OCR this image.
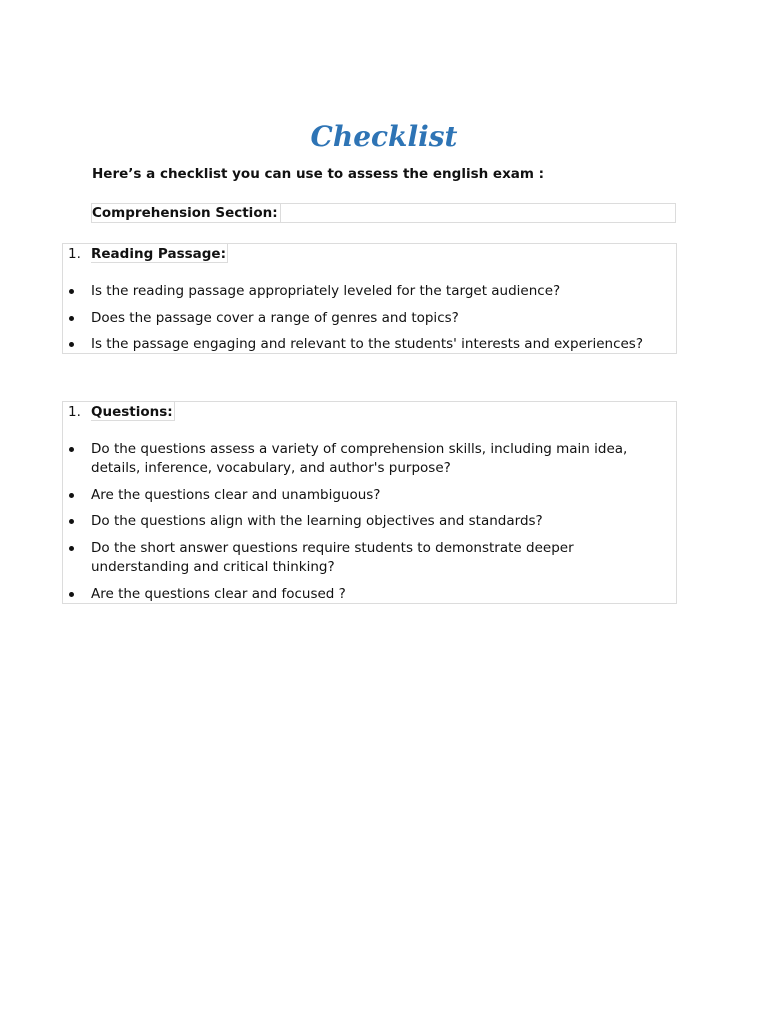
Checklist

Here’s a checklist you can use to assess the english exam :

Comprehension Section:
1. Reading Passage:
Is the reading passage appropriately leveled for the target audience?
Does the passage cover a range of genres and topics?
Is the passage engaging and relevant to the students' interests and experiences?
1. Questions:
Do the questions assess a variety of comprehension skills, including main idea, details, inference, vocabulary, and author's purpose?
Are the questions clear and unambiguous?
Do the questions align with the learning objectives and standards?
Do the short answer questions require students to demonstrate deeper understanding and critical thinking?
Are the questions clear and focused ?
